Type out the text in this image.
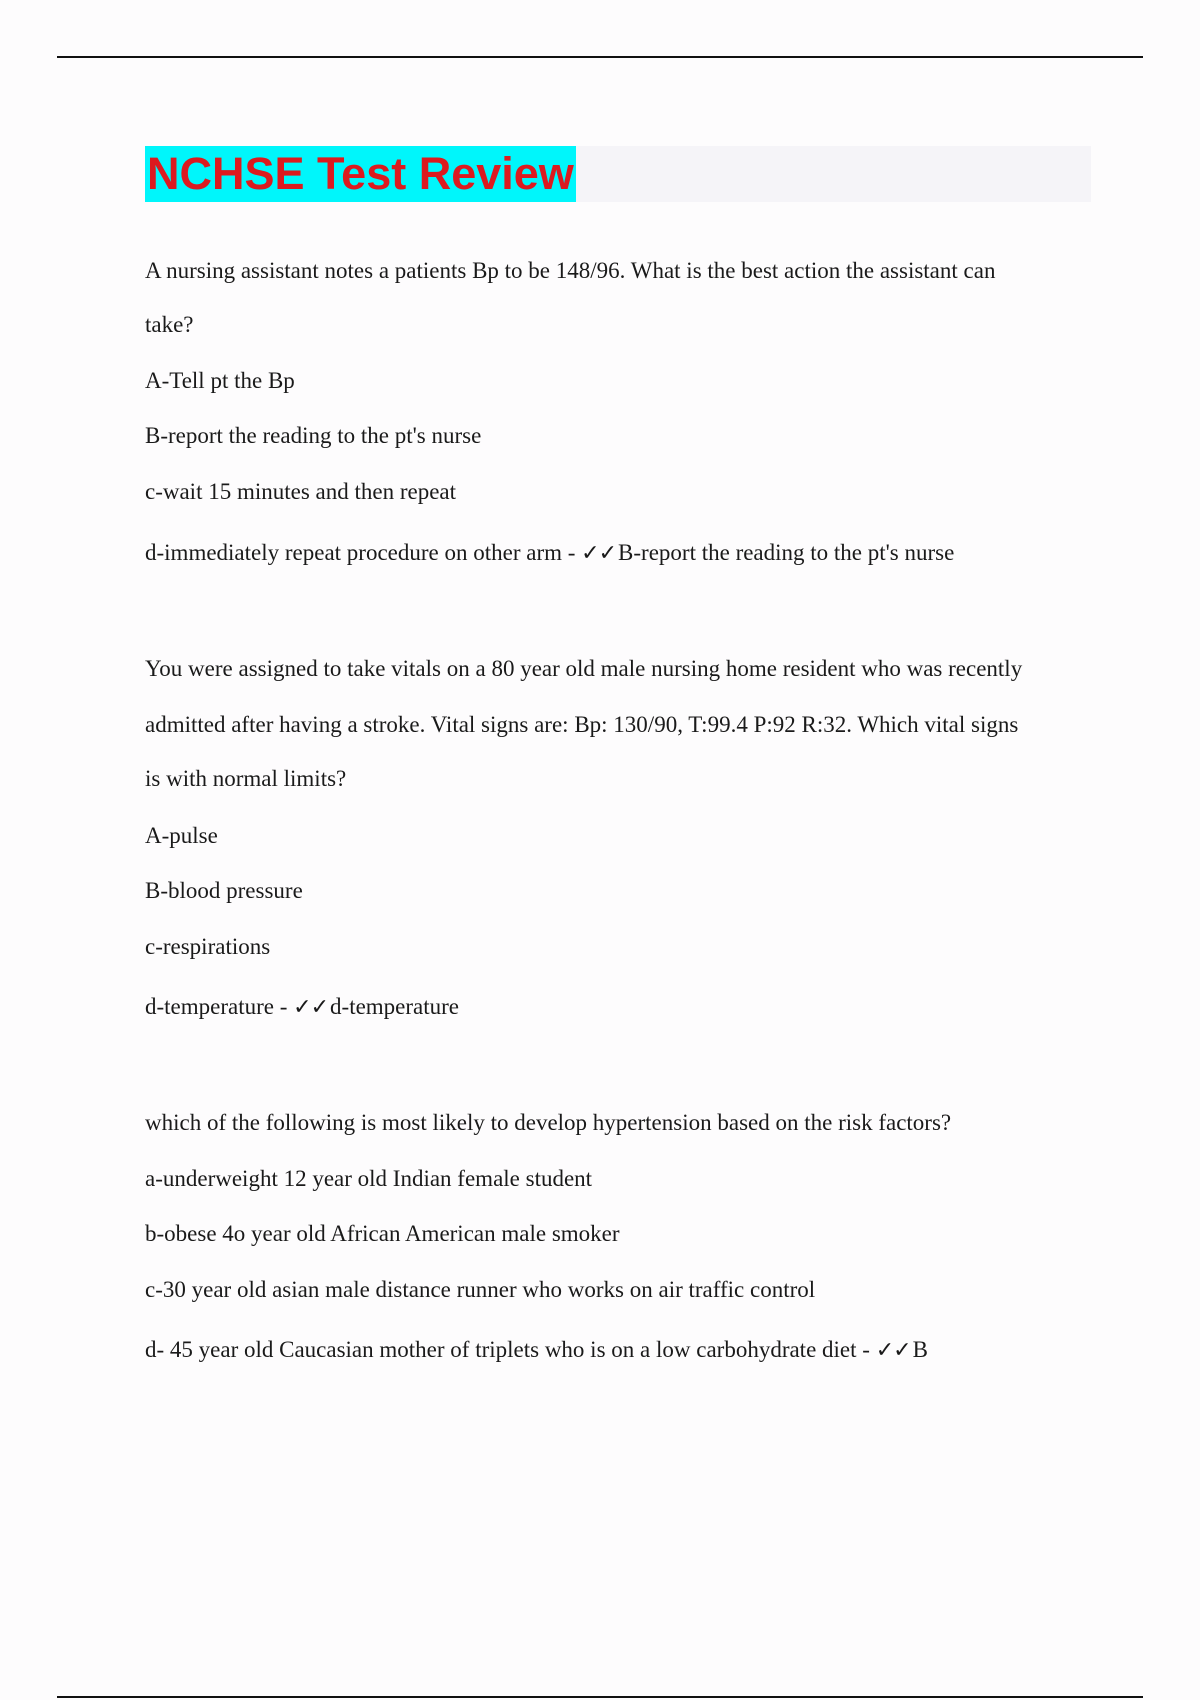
NCHSE Test Review
A nursing assistant notes a patients Bp to be 148/96. What is the best action the assistant can
take?
A-Tell pt the Bp
B-report the reading to the pt's nurse
c-wait 15 minutes and then repeat
d-immediately repeat procedure on other arm - ✓✓B-report the reading to the pt's nurse
You were assigned to take vitals on a 80 year old male nursing home resident who was recently
admitted after having a stroke. Vital signs are: Bp: 130/90, T:99.4 P:92 R:32. Which vital signs
is with normal limits?
A-pulse
B-blood pressure
c-respirations
d-temperature - ✓✓d-temperature
which of the following is most likely to develop hypertension based on the risk factors?
a-underweight 12 year old Indian female student
b-obese 4o year old African American male smoker
c-30 year old asian male distance runner who works on air traffic control
d- 45 year old Caucasian mother of triplets who is on a low carbohydrate diet - ✓✓B
